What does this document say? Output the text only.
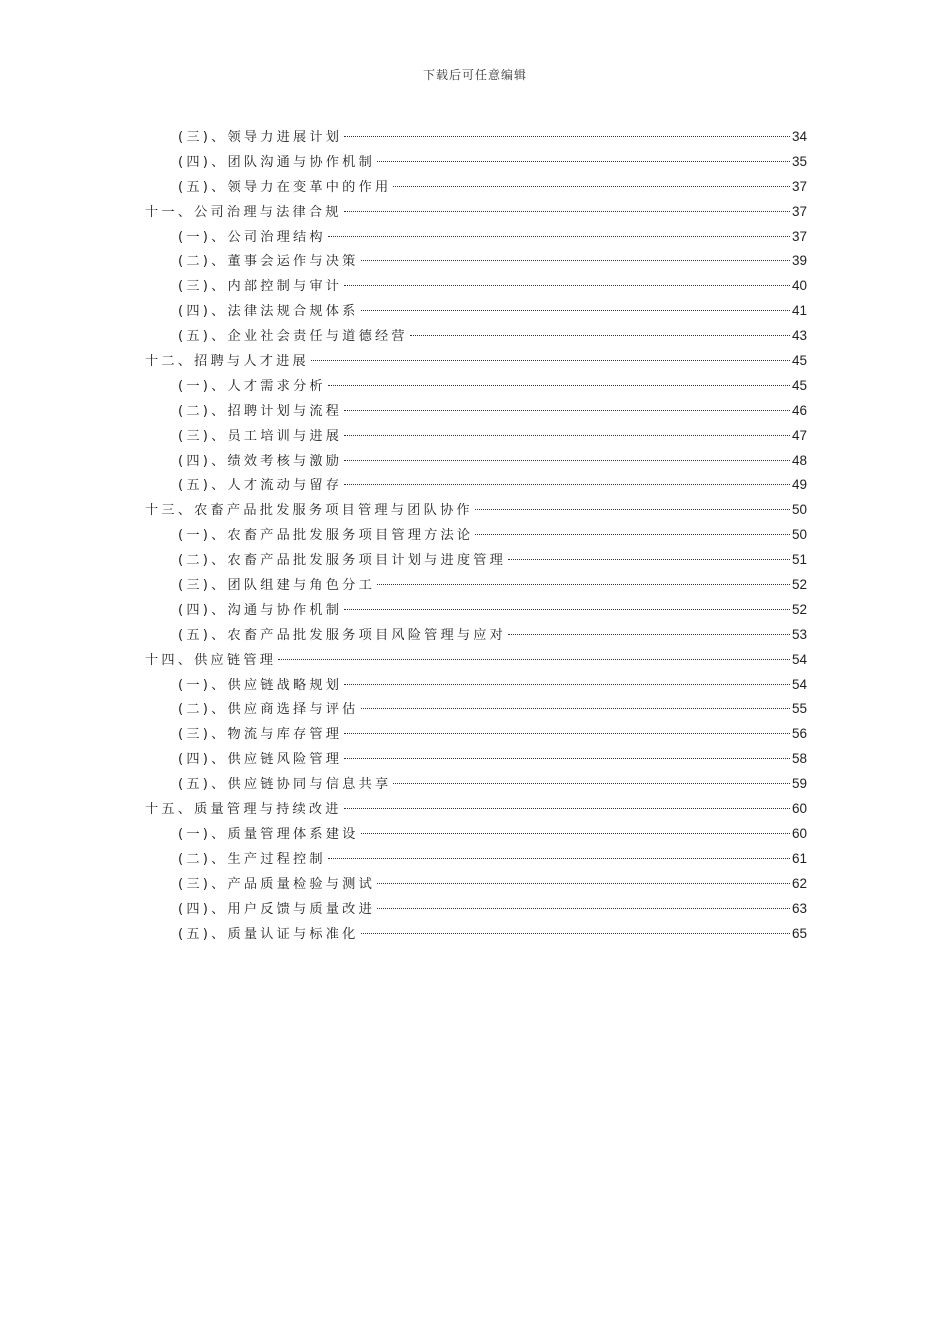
下载后可任意编辑
(三)、领导力进展计划	34
(四)、团队沟通与协作机制	35
(五)、领导力在变革中的作用	37
十一、公司治理与法律合规	37
(一)、公司治理结构	37
(二)、董事会运作与决策	39
(三)、内部控制与审计	40
(四)、法律法规合规体系	41
(五)、企业社会责任与道德经营	43
十二、招聘与人才进展	45
(一)、人才需求分析	45
(二)、招聘计划与流程	46
(三)、员工培训与进展	47
(四)、绩效考核与激励	48
(五)、人才流动与留存	49
十三、农畜产品批发服务项目管理与团队协作	50
(一)、农畜产品批发服务项目管理方法论	50
(二)、农畜产品批发服务项目计划与进度管理	51
(三)、团队组建与角色分工	52
(四)、沟通与协作机制	52
(五)、农畜产品批发服务项目风险管理与应对	53
十四、供应链管理	54
(一)、供应链战略规划	54
(二)、供应商选择与评估	55
(三)、物流与库存管理	56
(四)、供应链风险管理	58
(五)、供应链协同与信息共享	59
十五、质量管理与持续改进	60
(一)、质量管理体系建设	60
(二)、生产过程控制	61
(三)、产品质量检验与测试	62
(四)、用户反馈与质量改进	63
(五)、质量认证与标准化	65
